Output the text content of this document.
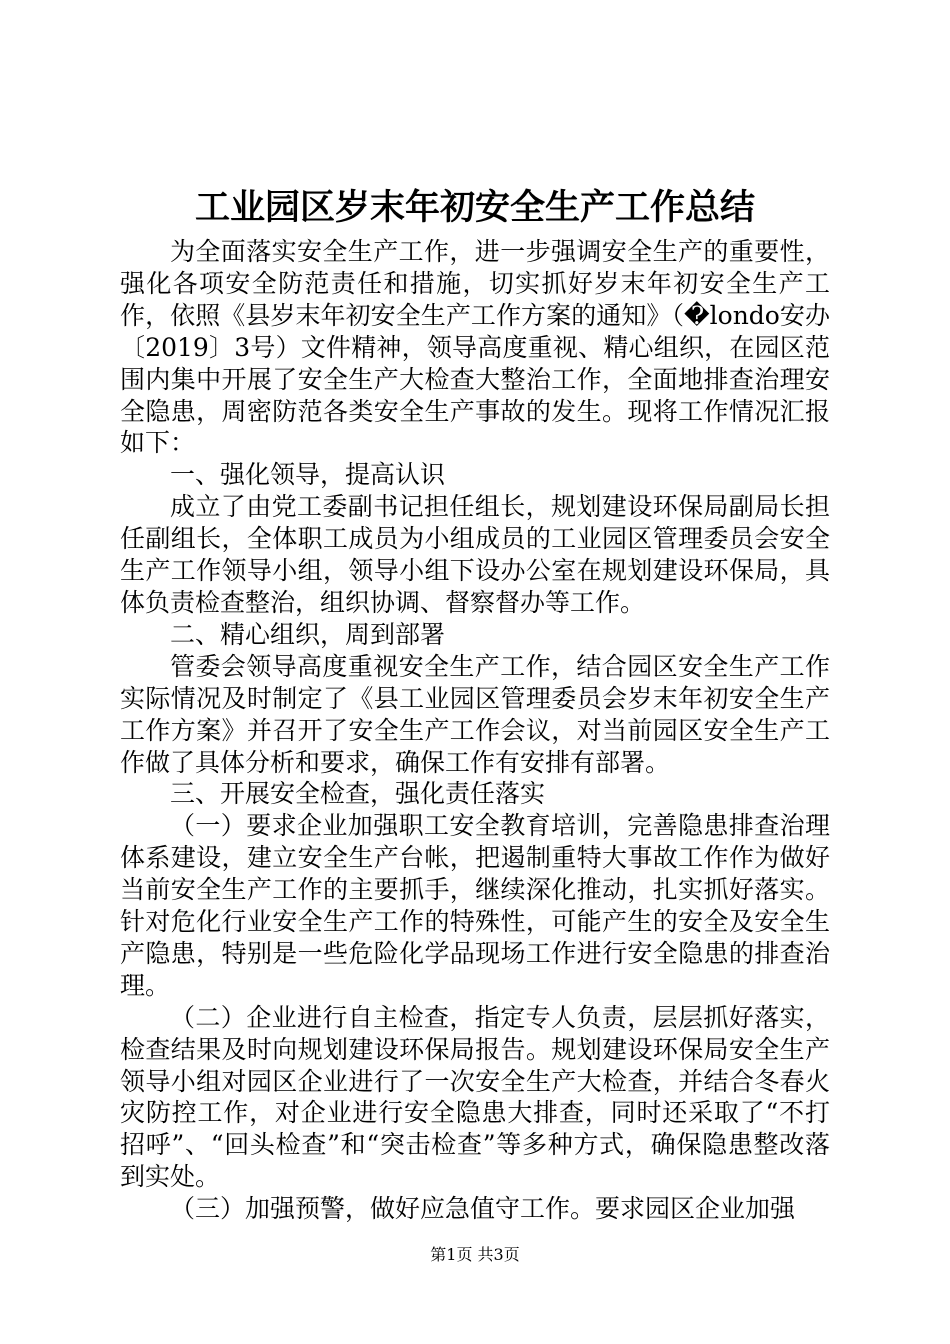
工业园区岁末年初安全生产工作总结

为全面落实安全生产工作，进一步强调安全生产的重要性，强化各项安全防范责任和措施，切实抓好岁末年初安全生产工作，依照《县岁末年初安全生产工作方案的通知》（�londo安办〔2019〕3号）文件精神，领导高度重视、精心组织，在园区范围内集中开展了安全生产大检查大整治工作，全面地排查治理安全隐患，周密防范各类安全生产事故的发生。现将工作情况汇报如下：

一、强化领导，提高认识

成立了由党工委副书记担任组长，规划建设环保局副局长担任副组长，全体职工成员为小组成员的工业园区管理委员会安全生产工作领导小组，领导小组下设办公室在规划建设环保局，具体负责检查整治，组织协调、督察督办等工作。

二、精心组织，周到部署

管委会领导高度重视安全生产工作，结合园区安全生产工作实际情况及时制定了《县工业园区管理委员会岁末年初安全生产工作方案》并召开了安全生产工作会议，对当前园区安全生产工作做了具体分析和要求，确保工作有安排有部署。

三、开展安全检查，强化责任落实

（一）要求企业加强职工安全教育培训，完善隐患排查治理体系建设，建立安全生产台帐，把遏制重特大事故工作作为做好当前安全生产工作的主要抓手，继续深化推动，扎实抓好落实。针对危化行业安全生产工作的特殊性，可能产生的安全及安全生产隐患，特别是一些危险化学品现场工作进行安全隐患的排查治理。

（二）企业进行自主检查，指定专人负责，层层抓好落实，检查结果及时向规划建设环保局报告。规划建设环保局安全生产领导小组对园区企业进行了一次安全生产大检查，并结合冬春火灾防控工作，对企业进行安全隐患大排查，同时还采取了“不打招呼”、“回头检查”和“突击检查”等多种方式，确保隐患整改落到实处。

（三）加强预警，做好应急值守工作。要求园区企业加强

第1页 共3页
